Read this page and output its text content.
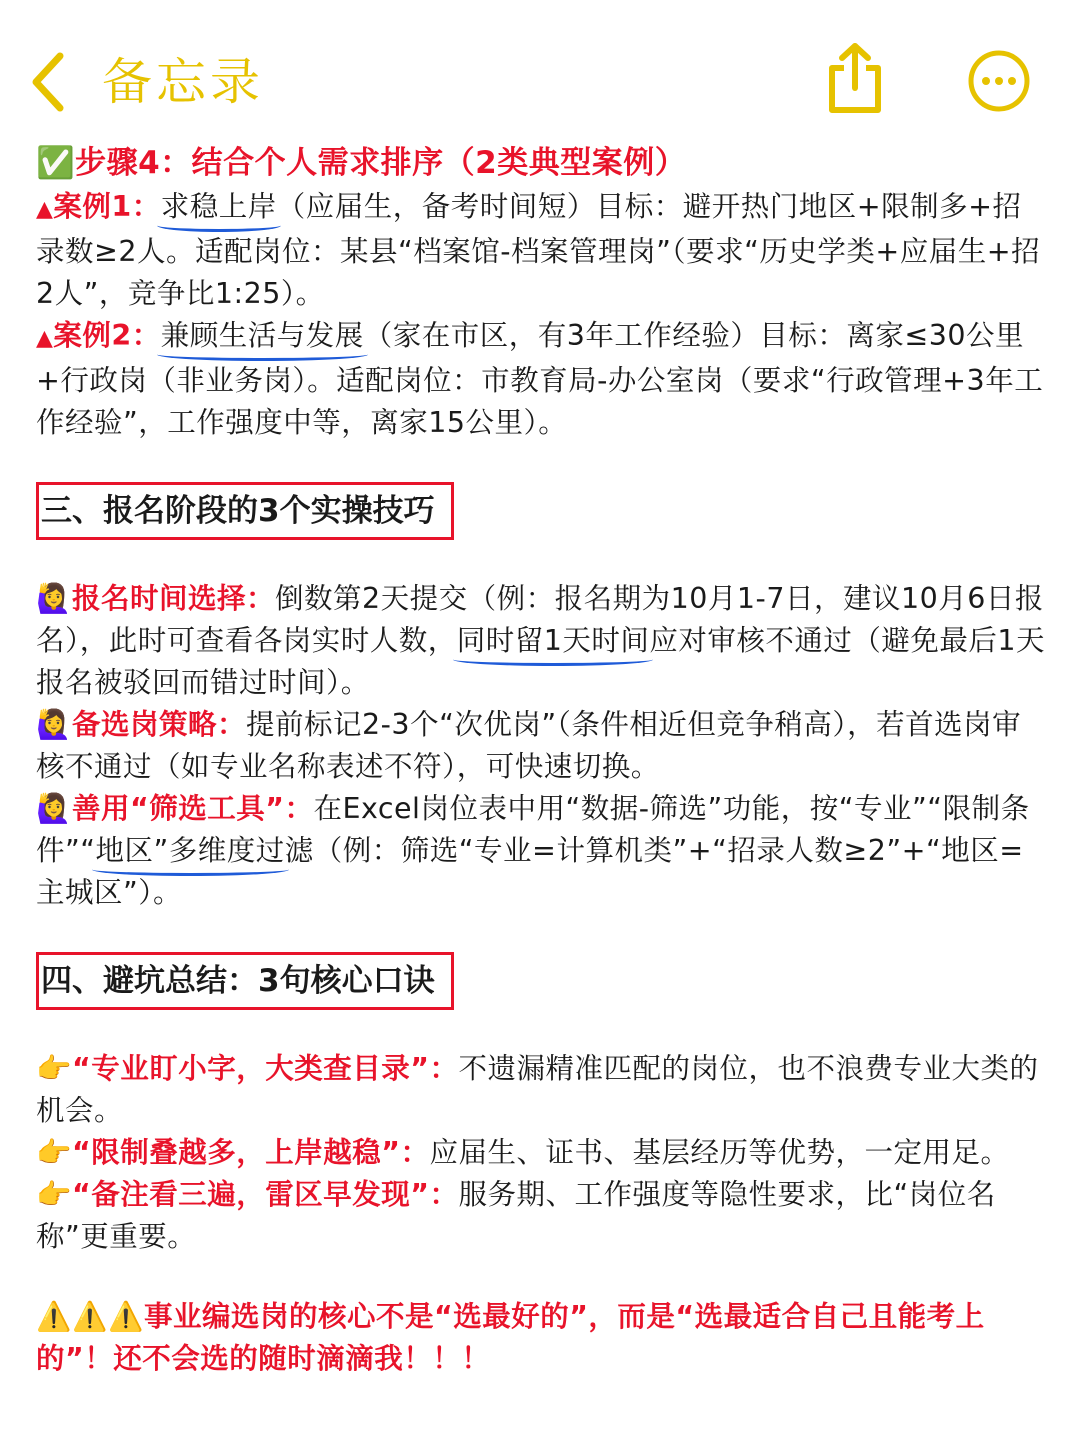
备忘录

✅步骤4：结合个人需求排序（2类典型案例）

▲案例1：求稳上岸（应届生，备考时间短）目标：避开热门地区+限制多+招录数≥2人。适配岗位：某县“档案馆-档案管理岗”（要求“历史学类+应届生+招2人”，竞争比1:25）。

▲案例2：兼顾生活与发展（家在市区，有3年工作经验）目标：离家≤30公里+行政岗（非业务岗）。适配岗位：市教育局-办公室岗（要求“行政管理+3年工作经验”，工作强度中等，离家15公里）。

三、报名阶段的3个实操技巧

🙋‍♀️报名时间选择：倒数第2天提交（例：报名期为10月1-7日，建议10月6日报名），此时可查看各岗实时人数，同时留1天时间应对审核不通过（避免最后1天报名被驳回而错过时间）。

🙋‍♀️备选岗策略：提前标记2-3个“次优岗”（条件相近但竞争稍高），若首选岗审核不通过（如专业名称表述不符），可快速切换。

🙋‍♀️善用“筛选工具”：在Excel岗位表中用“数据-筛选”功能，按“专业”“限制条件”“地区”多维度过滤（例：筛选“专业=计算机类”+“招录人数≥2”+“地区=主城区”）。

四、避坑总结：3句核心口诀

👉“专业盯小字，大类查目录”：不遗漏精准匹配的岗位，也不浪费专业大类的机会。

👉“限制叠越多，上岸越稳”：应届生、证书、基层经历等优势，一定用足。

👉“备注看三遍，雷区早发现”：服务期、工作强度等隐性要求，比“岗位名称”更重要。

⚠️⚠️⚠️事业编选岗的核心不是“选最好的”，而是“选最适合自己且能考上的”！还不会选的随时滴滴我！！！
